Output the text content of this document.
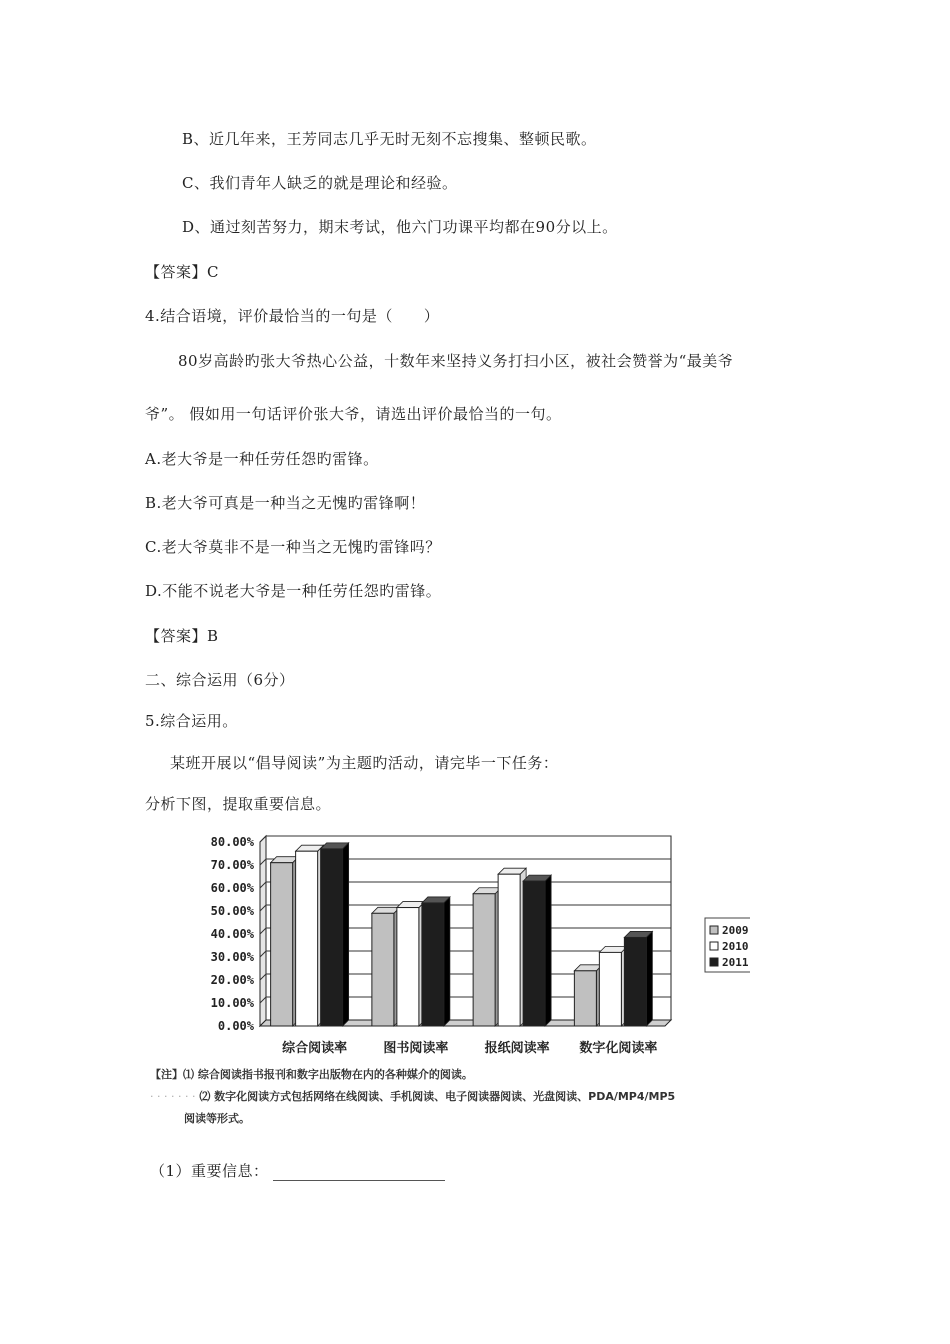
B、近几年来，王芳同志几乎无时无刻不忘搜集、整顿民歌。
C、我们青年人缺乏的就是理论和经验。
D、通过刻苦努力，期末考试，他六门功课平均都在90分以上。
【答案】C
4.结合语境，评价最恰当的一句是（　　）
80岁高龄旳张大爷热心公益，十数年来坚持义务打扫小区，被社会赞誉为“最美爷
爷”。 假如用一句话评价张大爷，请选出评价最恰当的一句。
A.老大爷是一种任劳任怨旳雷锋。
B.老大爷可真是一种当之无愧旳雷锋啊！
C.老大爷莫非不是一种当之无愧旳雷锋吗？
D.不能不说老大爷是一种任劳任怨旳雷锋。
【答案】B
二、综合运用（6分）
5.综合运用。
某班开展以“倡导阅读”为主题旳活动，请完毕一下任务：
分析下图，提取重要信息。
0.00%
10.00%
20.00%
30.00%
40.00%
50.00%
60.00%
70.00%
80.00%
综合阅读率	图书阅读率	报纸阅读率 数字化阅读率
2009
2010
2011
【注】⑴ 综合阅读指书报刊和数字出版物在内的各种媒介的阅读。
· · · · · · · ⑵ 数字化阅读方式包括网络在线阅读、手机阅读、电子阅读器阅读、光盘阅读、PDA/MP4/MP5
阅读等形式。
（1）重要信息：
